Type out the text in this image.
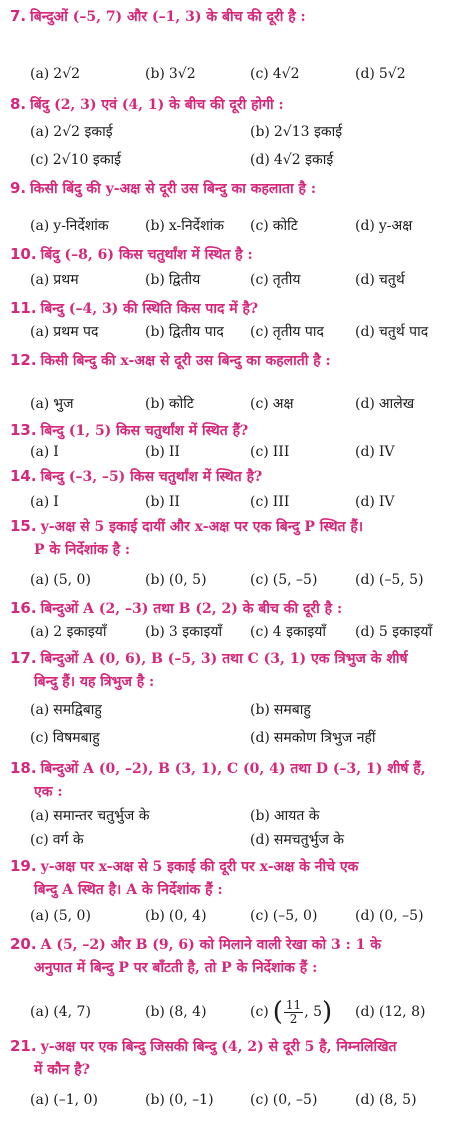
7. बिन्दुओं (–5, 7) और (–1, 3) के बीच की दूरी है :
(a) 2√2	(b) 3√2	(c) 4√2	(d) 5√2
8. बिंदु (2, 3) एवं (4, 1) के बीच की दूरी होगी :
(a) 2√2 इकाई	(b) 2√13 इकाई
(c) 2√10 इकाई	(d) 4√2 इकाई
9. किसी बिंदु की y-अक्ष से दूरी उस बिन्दु का कहलाता है :
(a) y-निर्देशांक	(b) x-निर्देशांक (c) कोटि	(d) y-अक्ष
10. बिंदु (–8, 6) किस चतुर्थांश में स्थित है :
(a) प्रथम	(b) द्वितीय	(c) तृतीय	(d) चतुर्थ
11. बिन्दु (–4, 3) की स्थिति किस पाद में है?
(a) प्रथम पद	(b) द्वितीय पाद (c) तृतीय पाद (d) चतुर्थ पाद
12. किसी बिन्दु की x-अक्ष से दूरी उस बिन्दु का कहलाती है :
(a) भुज	(b) कोटि	(c) अक्ष	(d) आलेख
13. बिन्दु (1, 5) किस चतुर्थांश में स्थित हैं?
(a) I	(b) II	(c) III	(d) IV
14. बिन्दु (–3, –5) किस चतुर्थांश में स्थित है?
(a) I	(b) II	(c) III	(d) IV
15. y-अक्ष से 5 इकाई दायीं और x-अक्ष पर एक बिन्दु P स्थित हैं।
P के निर्देशांक है :
(a) (5, 0)	(b) (0, 5)	(c) (5, –5)	(d) (–5, 5)
16. बिन्दुओं A (2, –3) तथा B (2, 2) के बीच की दूरी है :
(a) 2 इकाइयाँ	(b) 3 इकाइयाँ (c) 4 इकाइयाँ (d) 5 इकाइयाँ
17. बिन्दुओं A (0, 6), B (–5, 3) तथा C (3, 1) एक त्रिभुज के शीर्ष
बिन्दु हैं। यह त्रिभुज है :
(a) समद्विबाहु	(b) समबाहु
(c) विषमबाहु	(d) समकोण त्रिभुज नहीं
18. बिन्दुओं A (0, –2), B (3, 1), C (0, 4) तथा D (–3, 1) शीर्ष हैं,
एक :
(a) समान्तर चतुर्भुज के	(b) आयत के
(c) वर्ग के	(d) समचतुर्भुज के
19. y-अक्ष पर x-अक्ष से 5 इकाई की दूरी पर x-अक्ष के नीचे एक
बिन्दु A स्थित है। A के निर्देशांक हैं :
(a) (5, 0)	(b) (0, 4)	(c) (–5, 0)	(d) (0, –5)
20. A (5, –2) और B (9, 6) को मिलाने वाली रेखा को 3 : 1 के
अनुपात में बिन्दु P पर बाँटती है, तो P के निर्देशांक हैं :
(a) (4, 7)	(b) (8, 4)	(c) ( $\frac{11}{2}$ , 5) (d) (12, 8)
21. y-अक्ष पर एक बिन्दु जिसकी बिन्दु (4, 2) से दूरी 5 है, निम्नलिखित
में कौन है?
(a) (–1, 0)	(b) (0, –1)	(c) (0, –5)	(d) (8, 5)
